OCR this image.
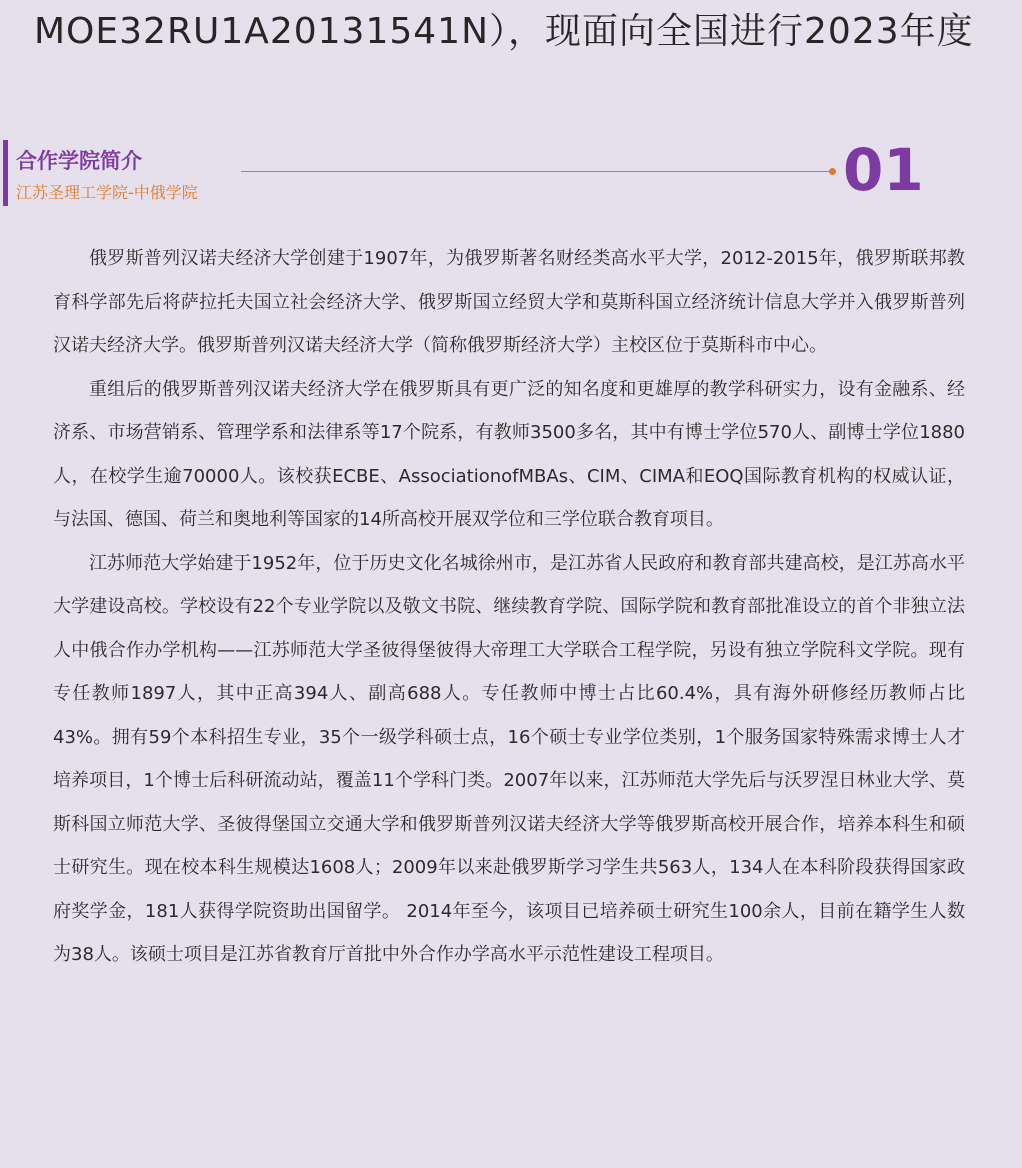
MOE32RU1A20131541N），现面向全国进行2023年度
合作学院简介
江苏圣理工学院-中俄学院	01

俄罗斯普列汉诺夫经济大学创建于1907年，为俄罗斯著名财经类高水平大学，2012-2015年，俄罗斯联邦教育科学部先后将萨拉托夫国立社会经济大学、俄罗斯国立经贸大学和莫斯科国立经济统计信息大学并入俄罗斯普列汉诺夫经济大学。俄罗斯普列汉诺夫经济大学（简称俄罗斯经济大学）主校区位于莫斯科市中心。

重组后的俄罗斯普列汉诺夫经济大学在俄罗斯具有更广泛的知名度和更雄厚的教学科研实力，设有金融系、经济系、市场营销系、管理学系和法律系等17个院系，有教师3500多名，其中有博士学位570人、副博士学位1880人，在校学生逾70000人。该校获ECBE、AssociationofMBAs、CIM、CIMA和EOQ国际教育机构的权威认证，与法国、德国、荷兰和奥地利等国家的14所高校开展双学位和三学位联合教育项目。

江苏师范大学始建于1952年，位于历史文化名城徐州市，是江苏省人民政府和教育部共建高校，是江苏高水平大学建设高校。学校设有22个专业学院以及敬文书院、继续教育学院、国际学院和教育部批准设立的首个非独立法人中俄合作办学机构——江苏师范大学圣彼得堡彼得大帝理工大学联合工程学院，另设有独立学院科文学院。现有专任教师1897人，其中正高394人、副高688人。专任教师中博士占比60.4%，具有海外研修经历教师占比43%。拥有59个本科招生专业，35个一级学科硕士点，16个硕士专业学位类别，1个服务国家特殊需求博士人才培养项目，1个博士后科研流动站，覆盖11个学科门类。2007年以来，江苏师范大学先后与沃罗涅日林业大学、莫斯科国立师范大学、圣彼得堡国立交通大学和俄罗斯普列汉诺夫经济大学等俄罗斯高校开展合作，培养本科生和硕士研究生。现在校本科生规模达1608人；2009年以来赴俄罗斯学习学生共563人，134人在本科阶段获得国家政府奖学金，181人获得学院资助出国留学。 2014年至今，该项目已培养硕士研究生100余人，目前在籍学生人数为38人。该硕士项目是江苏省教育厅首批中外合作办学高水平示范性建设工程项目。
